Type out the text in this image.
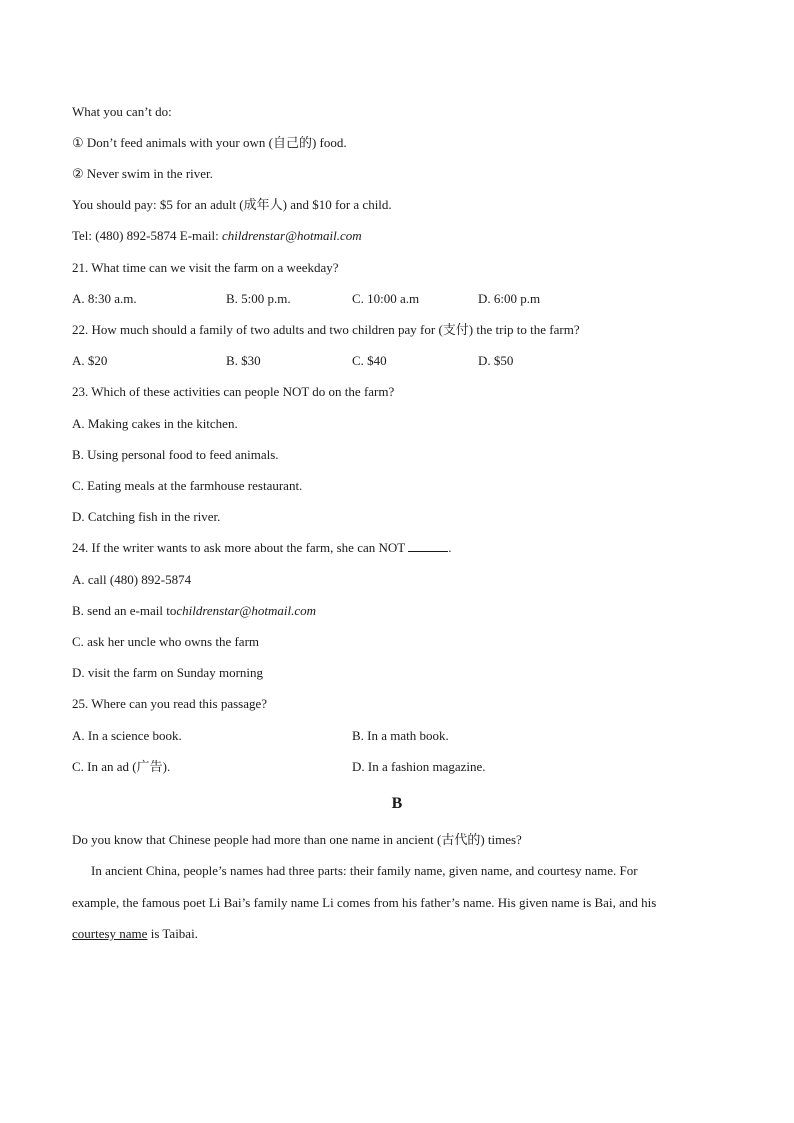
What you can’t do:
① Don’t feed animals with your own (自己的) food.
② Never swim in the river.
You should pay: $5 for an adult (成年人) and $10 for a child.
Tel: (480) 892-5874 E-mail: childrenstar@hotmail.com
21. What time can we visit the farm on a weekday?
A. 8:30 a.m.	B. 5:00 p.m.	C. 10:00 a.m	D. 6:00 p.m
22. How much should a family of two adults and two children pay for (支付) the trip to the farm?
A. $20	B. $30	C. $40	D. $50
23. Which of these activities can people NOT do on the farm?
A. Making cakes in the kitchen.
B. Using personal food to feed animals.
C. Eating meals at the farmhouse restaurant.
D. Catching fish in the river.
24. If the writer wants to ask more about the farm, she can NOT	.
A. call (480) 892-5874
B. send an e-mail tochildrenstar@hotmail.com
C. ask her uncle who owns the farm
D. visit the farm on Sunday morning
25. Where can you read this passage?
A. In a science book.	B. In a math book.
C. In an ad (广告).	D. In a fashion magazine.
B
Do you know that Chinese people had more than one name in ancient (古代的) times?
In ancient China, people’s names had three parts: their family name, given name, and courtesy name. For
example, the famous poet Li Bai’s family name Li comes from his father’s name. His given name is Bai, and his
courtesy name is Taibai.
